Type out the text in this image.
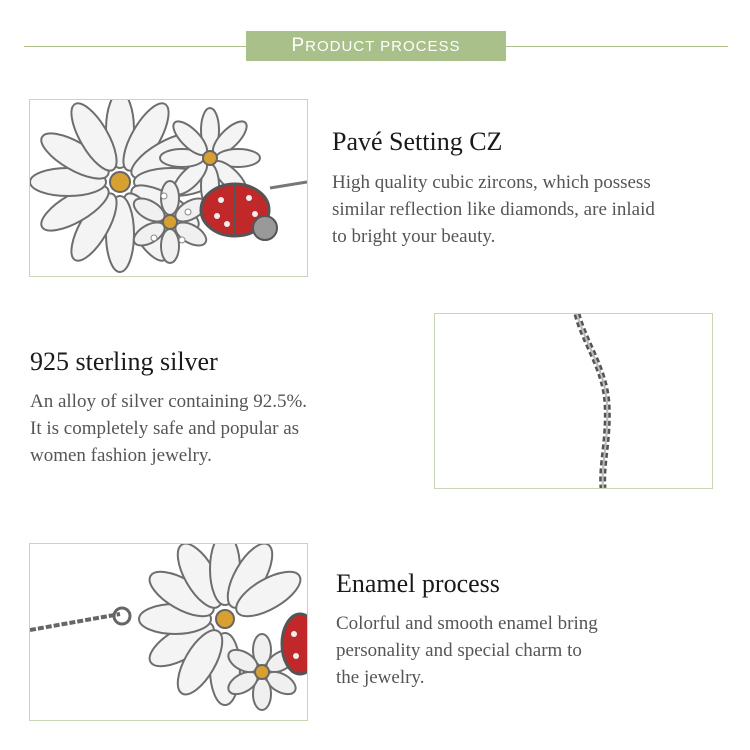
P RODUCT PROCESS
Pavé Setting CZ
High quality cubic zircons, which possess
similar reflection like diamonds, are inlaid
to bright your beauty.
925 sterling silver
An alloy of silver containing 92.5%.
It is completely safe and popular as
women fashion jewelry.
Enamel process
Colorful and smooth enamel bring
personality and special charm to
the jewelry.
